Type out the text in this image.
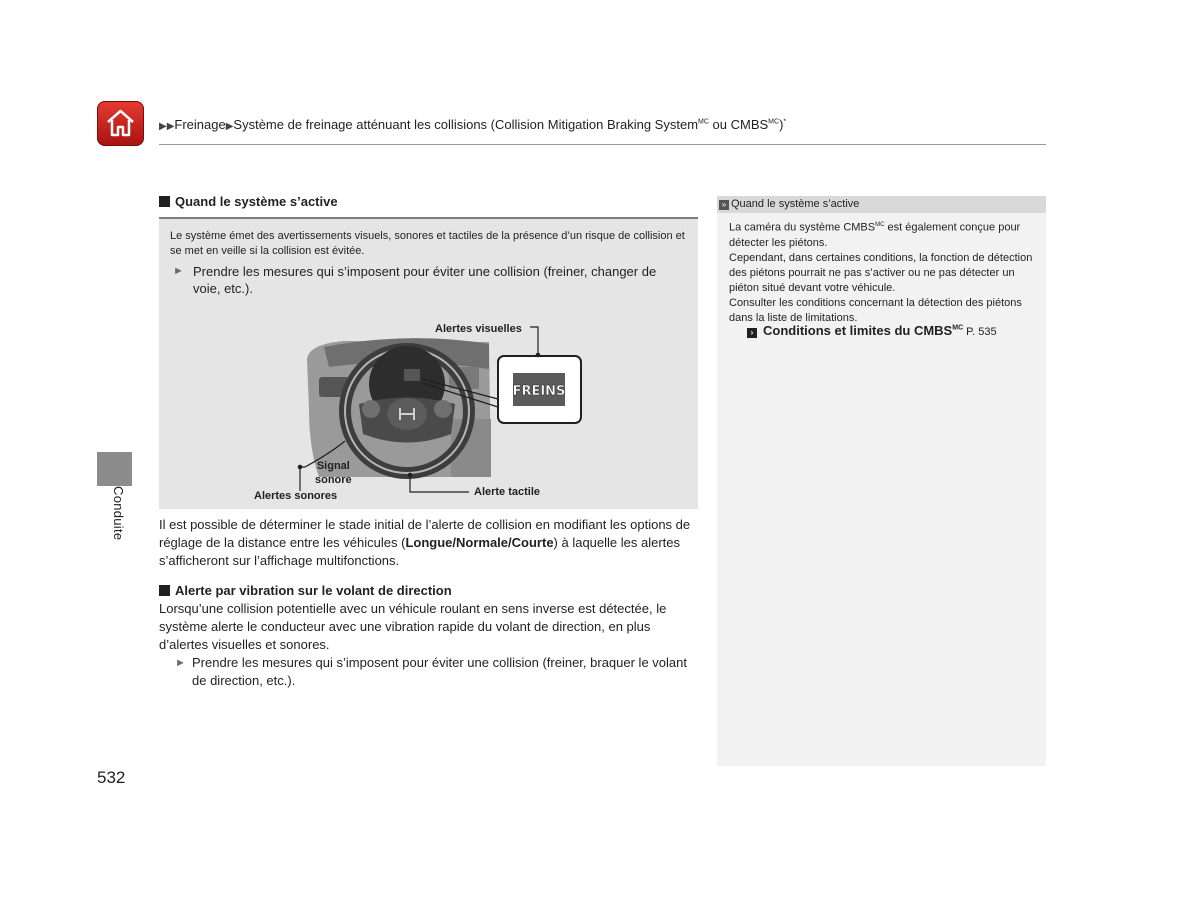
▶▶Freinage▶Système de freinage atténuant les collisions (Collision Mitigation Braking System$^{MC}$ ou $CMBS^{MC})^*$
Conduite
Quand le système s’active
Le système émet des avertissements visuels, sonores et tactiles de la présence d’un risque de collision et se met en veille si la collision est évitée.
► Prendre les mesures qui s’imposent pour éviter une collision (freiner, changer de voie, etc.).
FREINS
Alertes visuelles
Signal
sonore
Alertes sonores	Alerte tactile
Il est possible de déterminer le stade initial de l’alerte de collision en modifiant les options de réglage de la distance entre les véhicules (Longue/Normale/Courte) à laquelle les alertes s’afficheront sur l’affichage multifonctions.
Alerte par vibration sur le volant de direction
Lorsqu’une collision potentielle avec un véhicule roulant en sens inverse est détectée, le système alerte le conducteur avec une vibration rapide du volant de direction, en plus d’alertes visuelles et sonores.
► Prendre les mesures qui s’imposent pour éviter une collision (freiner, braquer le volant de direction, etc.).
532
» Quand le système s’active

La caméra du système $CMBS^{MC}$ est également conçue pour détecter les piétons.

Cependant, dans certaines conditions, la fonction de détection des piétons pourrait ne pas s’activer ou ne pas détecter un piéton situé devant votre véhicule.

Consulter les conditions concernant la détection des piétons dans la liste de limitations.

› Conditions et limites du $CMBS^{MC}$ P. 535
